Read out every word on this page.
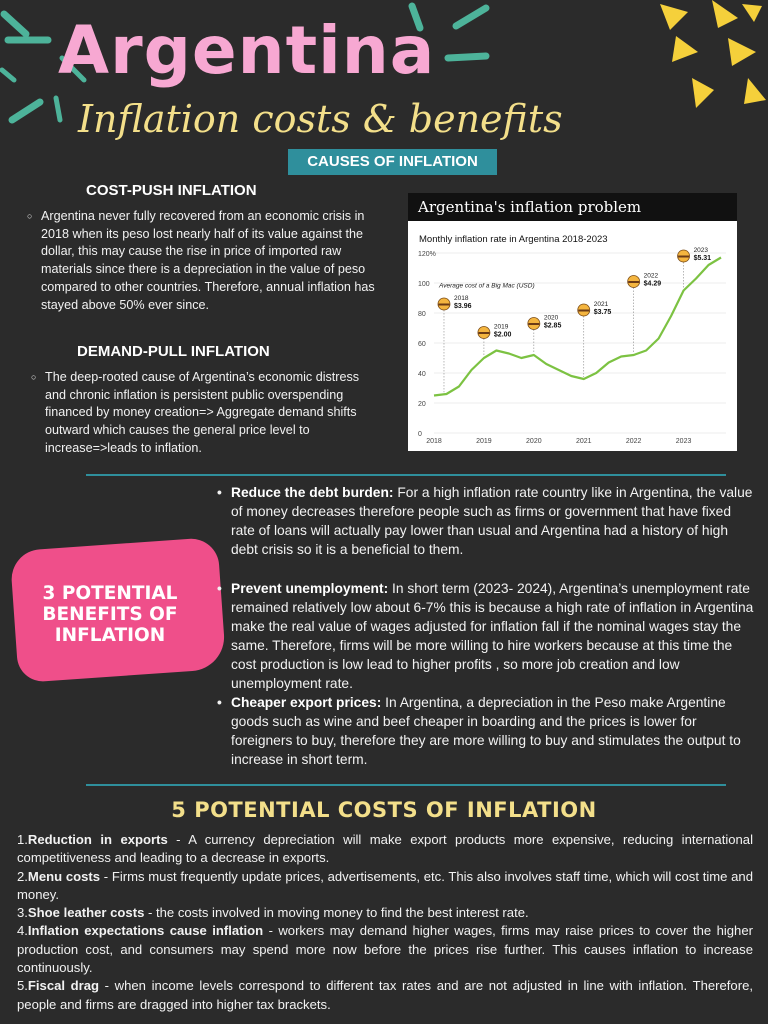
Argentina
Inflation costs & benefits
CAUSES OF INFLATION
COST-PUSH INFLATION
○ Argentina never fully recovered from an economic crisis in 2018 when its peso lost nearly half of its value against the dollar, this may cause the rise in price of imported raw materials since there is a depreciation in the value of peso compared to other countries. Therefore, annual inflation has stayed above 50% ever since.
DEMAND-PULL INFLATION
○ The deep-rooted cause of Argentina’s economic distress and chronic inflation is persistent public overspending financed by money creation=> Aggregate demand shifts outward which causes the general price level to increase=>leads to inflation.
Argentina's inflation problem
Monthly inflation rate in Argentina 2018-2023
0
20
40
60
80
100
120%
2018	2019	2020	2021	2022	2023
Average cost of a Big Mac (USD)
2018
$3.96
2019
$2.00
2020
$2.85
2021
$3.75
2022
$4.29
2023
$5.31
3 POTENTIAL BENEFITS OF INFLATION
• Reduce the debt burden: For a high inflation rate country like in Argentina, the value of money decreases therefore people such as firms or government that have fixed rate of loans will actually pay lower than usual and Argentina had a history of high debt crisis so it is a beneficial to them.
• Prevent unemployment: In short term (2023- 2024), Argentina’s unemployment rate remained relatively low about 6-7% this is because a high rate of inflation in Argentina make the real value of wages adjusted for inflation fall if the nominal wages stay the same. Therefore, firms will be more willing to hire workers because at this time the cost production is low lead to higher profits , so more job creation and low unemployment rate.
• Cheaper export prices: In Argentina, a depreciation in the Peso make Argentine goods such as wine and beef cheaper in boarding and the prices is lower for foreigners to buy, therefore they are more willing to buy and stimulates the output to increase in short term.
5 POTENTIAL COSTS OF INFLATION

1.Reduction in exports - A currency depreciation will make export products more expensive, reducing international competitiveness and leading to a decrease in exports.

2.Menu costs - Firms must frequently update prices, advertisements, etc. This also involves staff time, which will cost time and money.

3.Shoe leather costs - the costs involved in moving money to find the best interest rate.

4.Inflation expectations cause inflation - workers may demand higher wages, firms may raise prices to cover the higher production cost, and consumers may spend more now before the prices rise further. This causes inflation to increase continuously.

5.Fiscal drag - when income levels correspond to different tax rates and are not adjusted in line with inflation. Therefore, people and firms are dragged into higher tax brackets.
